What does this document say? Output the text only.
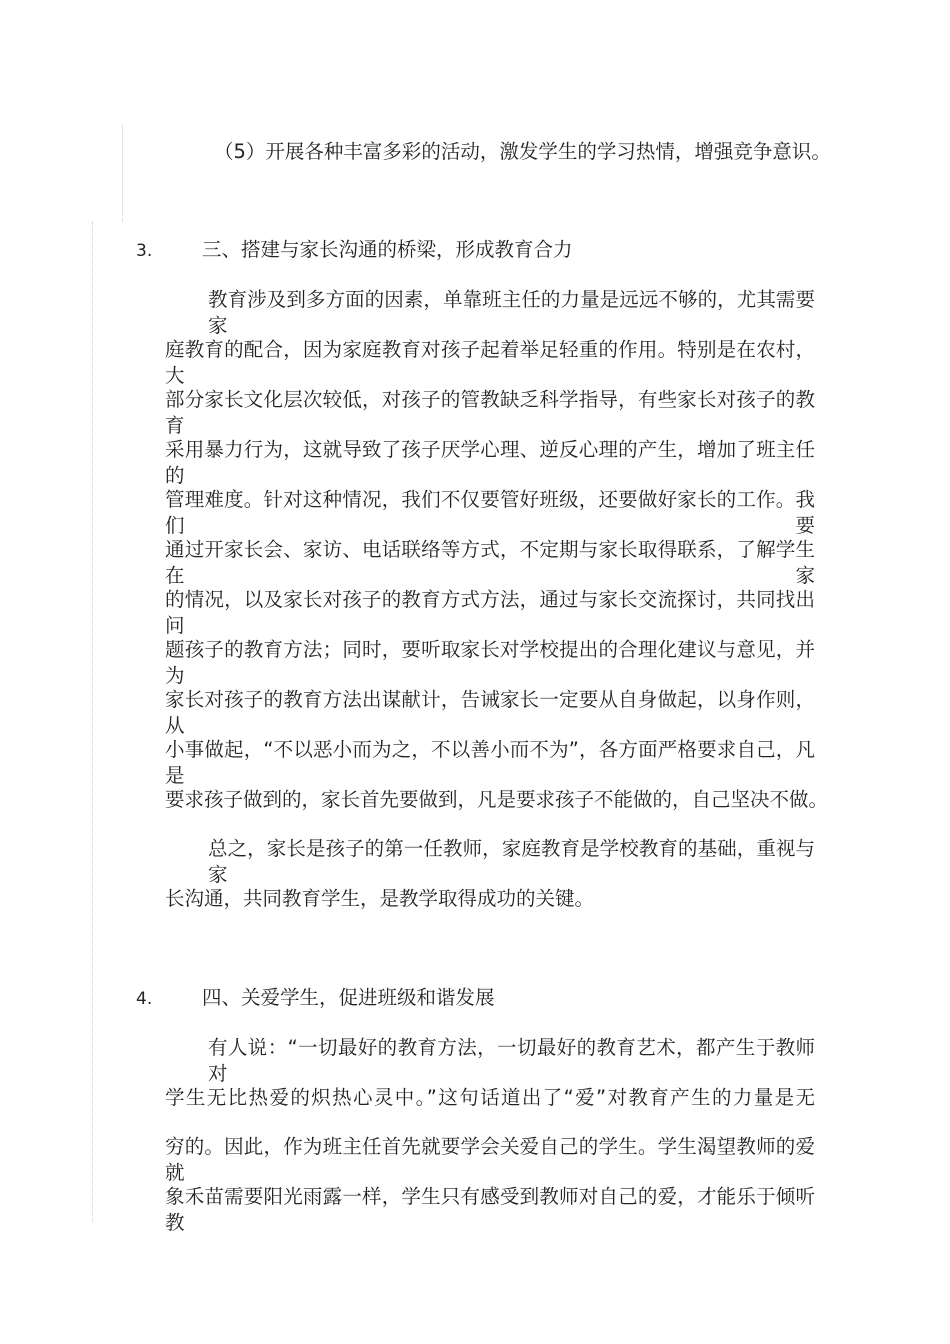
（5）开展各种丰富多彩的活动，激发学生的学习热情，增强竞争意识。
3.	三、搭建与家长沟通的桥梁，形成教育合力
教育涉及到多方面的因素，单靠班主任的力量是远远不够的，尤其需要家
庭教育的配合，因为家庭教育对孩子起着举足轻重的作用。特别是在农村，大
部分家长文化层次较低，对孩子的管教缺乏科学指导，有些家长对孩子的教育
采用暴力行为，这就导致了孩子厌学心理、逆反心理的产生，增加了班主任的
管理难度。针对这种情况，我们不仅要管好班级，还要做好家长的工作。我们要
通过开家长会、家访、电话联络等方式，不定期与家长取得联系，了解学生在家
的情况，以及家长对孩子的教育方式方法，通过与家长交流探讨，共同找出问
题孩子的教育方法；同时，要听取家长对学校提出的合理化建议与意见，并为
家长对孩子的教育方法出谋献计，告诫家长一定要从自身做起，以身作则，从
小事做起，“不以恶小而为之，不以善小而不为”，各方面严格要求自己，凡是
要求孩子做到的，家长首先要做到，凡是要求孩子不能做的，自己坚决不做。
总之，家长是孩子的第一任教师，家庭教育是学校教育的基础，重视与家
长沟通，共同教育学生，是教学取得成功的关键。
4.	四、关爱学生，促进班级和谐发展
有人说：“一切最好的教育方法，一切最好的教育艺术，都产生于教师对
学生无比热爱的炽热心灵中。”这句话道出了“爱”对教育产生的力量是无
穷的。因此，作为班主任首先就要学会关爱自己的学生。学生渴望教师的爱就
象禾苗需要阳光雨露一样，学生只有感受到教师对自己的爱，才能乐于倾听教
